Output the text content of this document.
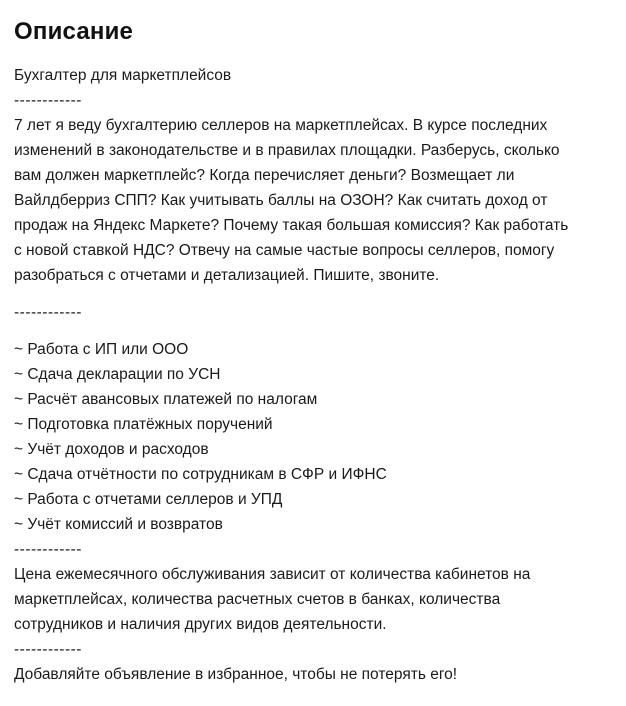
Описание
Бухгалтер для маркетплейсов
------------
7 лет я веду бухгалтерию селлеров на маркетплейсах. В курсе последних
изменений в законодательстве и в правилах площадки. Разберусь, сколько
вам должен маркетплейс? Когда перечисляет деньги? Возмещает ли
Вайлдберриз СПП? Как учитывать баллы на ОЗОН? Как считать доход от
продаж на Яндекс Маркете? Почему такая большая комиссия? Как работать
с новой ставкой НДС? Отвечу на самые частые вопросы селлеров, помогу
разобраться с отчетами и детализацией. Пишите, звоните.
------------
~ Работа с ИП или ООО
~ Сдача декларации по УСН
~ Расчёт авансовых платежей по налогам
~ Подготовка платёжных поручений
~ Учёт доходов и расходов
~ Сдача отчётности по сотрудникам в СФР и ИФНС
~ Работа с отчетами селлеров и УПД
~ Учёт комиссий и возвратов
------------
Цена ежемесячного обслуживания зависит от количества кабинетов на
маркетплейсах, количества расчетных счетов в банках, количества
сотрудников и наличия других видов деятельности.
------------
Добавляйте объявление в избранное, чтобы не потерять его!
